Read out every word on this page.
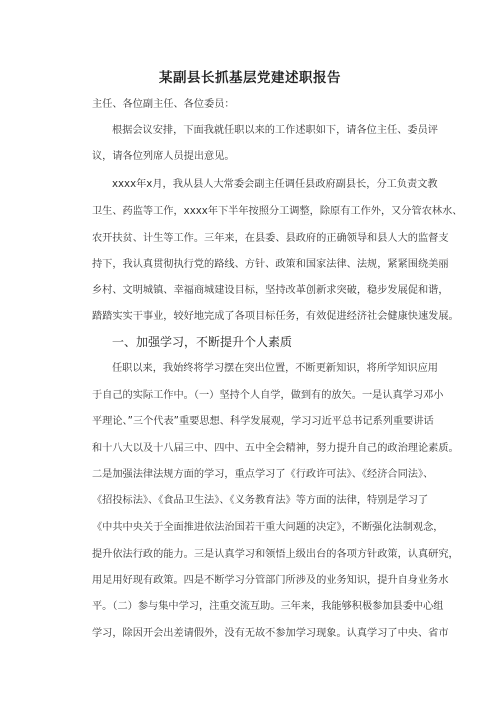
某副县长抓基层党建述职报告
主任、各位副主任、各位委员：
根据会议安排，下面我就任职以来的工作述职如下，请各位主任、委员评
议，请各位列席人员提出意见。
xxxx年x月，我从县人大常委会副主任调任县政府副县长，分工负责文教
卫生、药监等工作，xxxx年下半年按照分工调整，除原有工作外，又分管农林水、
农开扶贫、计生等工作。三年来，在县委、县政府的正确领导和县人大的监督支
持下，我认真贯彻执行党的路线、方针、政策和国家法律、法规，紧紧围绕美丽
乡村、文明城镇、幸福商城建设目标，坚持改革创新求突破，稳步发展促和谐，
踏踏实实干事业，较好地完成了各项目标任务，有效促进经济社会健康快速发展。
一、加强学习，不断提升个人素质
任职以来，我始终将学习摆在突出位置，不断更新知识，将所学知识应用
于自己的实际工作中。（一）坚持个人自学，做到有的放矢。一是认真学习邓小
平理论、”三个代表”重要思想、科学发展观，学习习近平总书记系列重要讲话
和十八大以及十八届三中、四中、五中全会精神，努力提升自己的政治理论素质。
二是加强法律法规方面的学习，重点学习了《行政许可法》、《经济合同法》、
《招投标法》、《食品卫生法》、《义务教育法》等方面的法律，特别是学习了
《中共中央关于全面推进依法治国若干重大问题的决定》，不断强化法制观念，
提升依法行政的能力。三是认真学习和领悟上级出台的各项方针政策，认真研究，
用足用好现有政策。四是不断学习分管部门所涉及的业务知识，提升自身业务水
平。（二）参与集中学习，注重交流互助。三年来，我能够积极参加县委中心组
学习，除因开会出差请假外，没有无故不参加学习现象。认真学习了中央、省市
